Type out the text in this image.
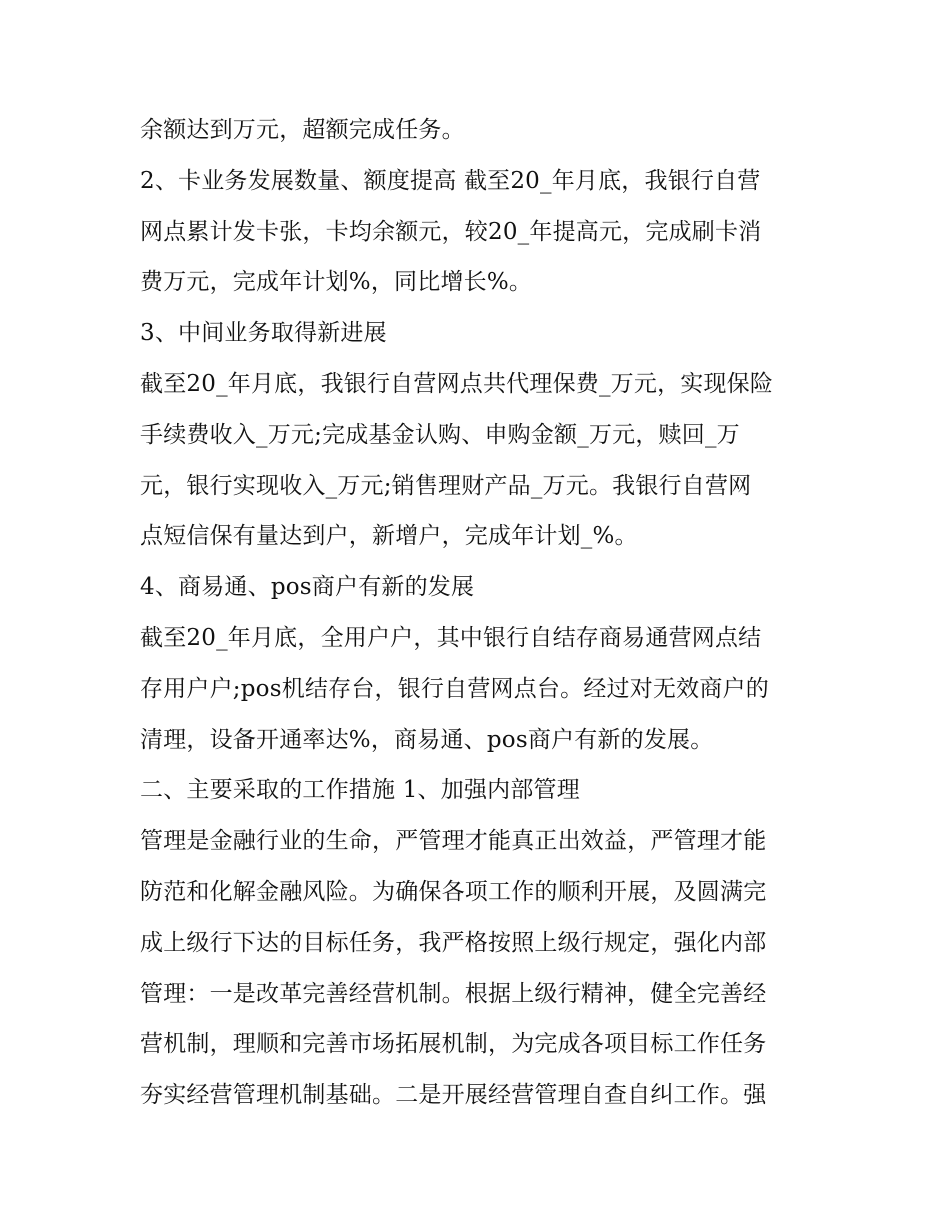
余额达到万元，超额完成任务。
2、卡业务发展数量、额度提高 截至20_年月底，我银行自营
网点累计发卡张，卡均余额元，较20_年提高元，完成刷卡消
费万元，完成年计划%，同比增长%。
3、中间业务取得新进展
截至20_年月底，我银行自营网点共代理保费_万元，实现保险
手续费收入_万元;完成基金认购、申购金额_万元，赎回_万
元，银行实现收入_万元;销售理财产品_万元。我银行自营网
点短信保有量达到户，新增户，完成年计划_%。
4、商易通、pos商户有新的发展
截至20_年月底，全用户户，其中银行自结存商易通营网点结
存用户户;pos机结存台，银行自营网点台。经过对无效商户的
清理，设备开通率达%，商易通、pos商户有新的发展。
二、主要采取的工作措施 1、加强内部管理
管理是金融行业的生命，严管理才能真正出效益，严管理才能
防范和化解金融风险。为确保各项工作的顺利开展，及圆满完
成上级行下达的目标任务，我严格按照上级行规定，强化内部
管理：一是改革完善经营机制。根据上级行精神，健全完善经
营机制，理顺和完善市场拓展机制，为完成各项目标工作任务
夯实经营管理机制基础。二是开展经营管理自查自纠工作。强
